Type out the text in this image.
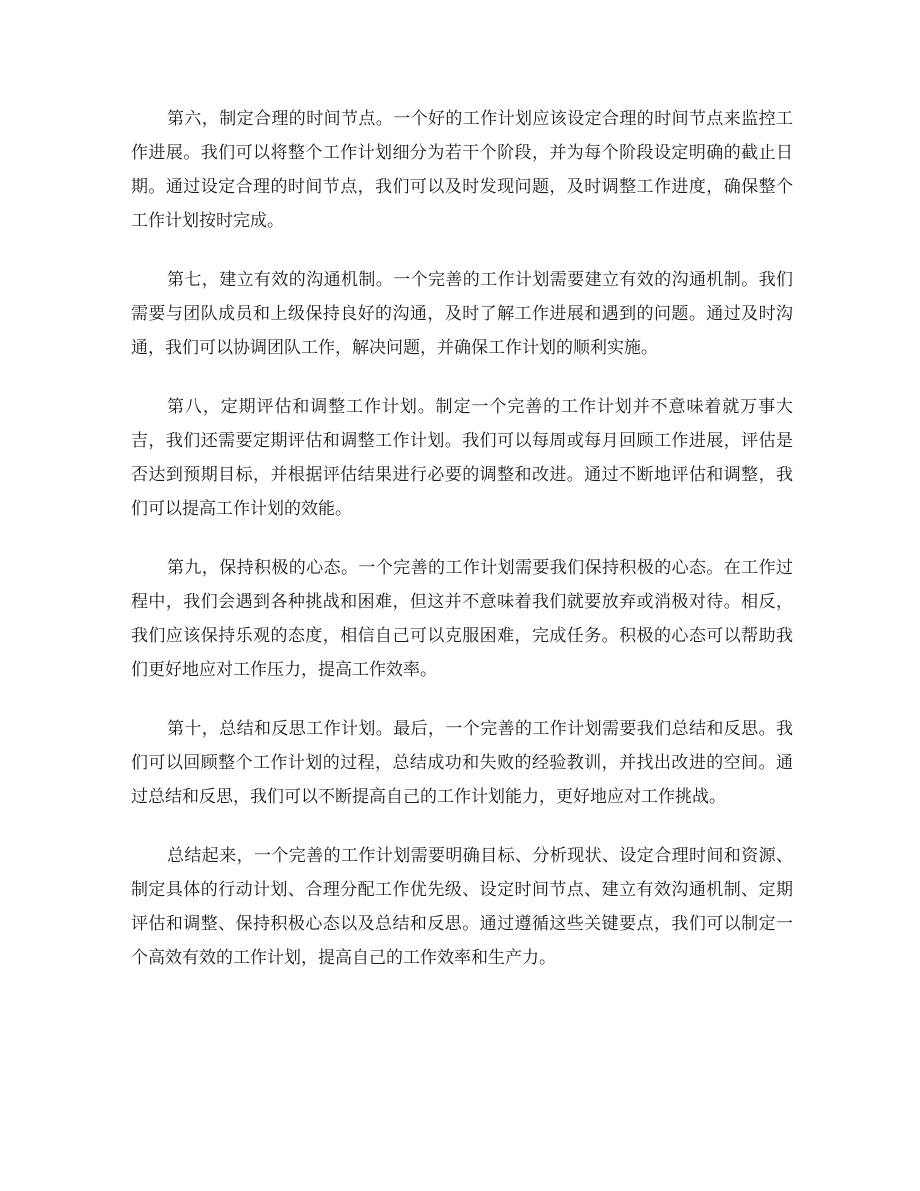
第六，制定合理的时间节点。一个好的工作计划应该设定合理的时间节点来监控工作进展。我们可以将整个工作计划细分为若干个阶段，并为每个阶段设定明确的截止日期。通过设定合理的时间节点，我们可以及时发现问题，及时调整工作进度，确保整个工作计划按时完成。

第七，建立有效的沟通机制。一个完善的工作计划需要建立有效的沟通机制。我们需要与团队成员和上级保持良好的沟通，及时了解工作进展和遇到的问题。通过及时沟通，我们可以协调团队工作，解决问题，并确保工作计划的顺利实施。

第八，定期评估和调整工作计划。制定一个完善的工作计划并不意味着就万事大吉，我们还需要定期评估和调整工作计划。我们可以每周或每月回顾工作进展，评估是否达到预期目标，并根据评估结果进行必要的调整和改进。通过不断地评估和调整，我们可以提高工作计划的效能。

第九，保持积极的心态。一个完善的工作计划需要我们保持积极的心态。在工作过程中，我们会遇到各种挑战和困难，但这并不意味着我们就要放弃或消极对待。相反，我们应该保持乐观的态度，相信自己可以克服困难，完成任务。积极的心态可以帮助我们更好地应对工作压力，提高工作效率。

第十，总结和反思工作计划。最后，一个完善的工作计划需要我们总结和反思。我们可以回顾整个工作计划的过程，总结成功和失败的经验教训，并找出改进的空间。通过总结和反思，我们可以不断提高自己的工作计划能力，更好地应对工作挑战。

总结起来，一个完善的工作计划需要明确目标、分析现状、设定合理时间和资源、制定具体的行动计划、合理分配工作优先级、设定时间节点、建立有效沟通机制、定期评估和调整、保持积极心态以及总结和反思。通过遵循这些关键要点，我们可以制定一个高效有效的工作计划，提高自己的工作效率和生产力。
